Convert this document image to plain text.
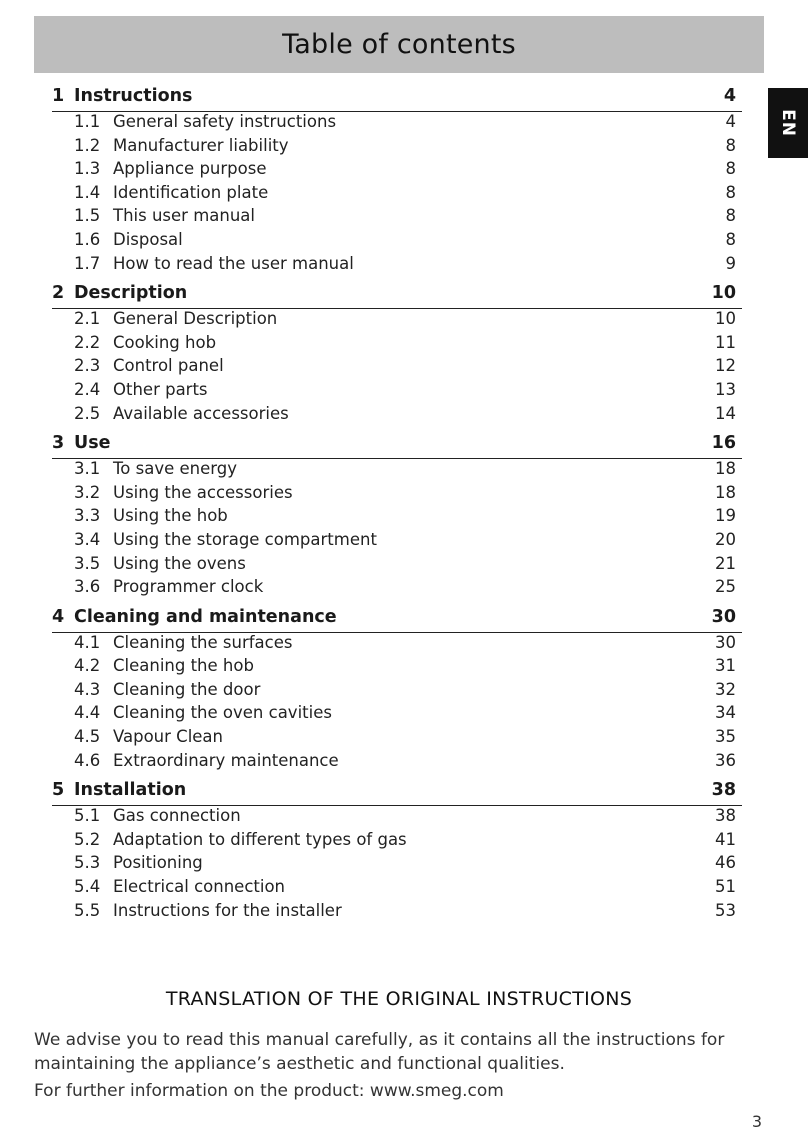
Table of contents
EN
1 Instructions	4
1.1 General safety instructions	4
1.2 Manufacturer liability	8
1.3 Appliance purpose	8
1.4 Identification plate	8
1.5 This user manual	8
1.6 Disposal	8
1.7 How to read the user manual	9
2 Description	10
2.1 General Description	10
2.2 Cooking hob	11
2.3 Control panel	12
2.4 Other parts	13
2.5 Available accessories	14
3 Use	16
3.1 To save energy	18
3.2 Using the accessories	18
3.3 Using the hob	19
3.4 Using the storage compartment	20
3.5 Using the ovens	21
3.6 Programmer clock	25
4 Cleaning and maintenance	30
4.1 Cleaning the surfaces	30
4.2 Cleaning the hob	31
4.3 Cleaning the door	32
4.4 Cleaning the oven cavities	34
4.5 Vapour Clean	35
4.6 Extraordinary maintenance	36
5 Installation	38
5.1 Gas connection	38
5.2 Adaptation to different types of gas	41
5.3 Positioning	46
5.4 Electrical connection	51
5.5 Instructions for the installer	53
TRANSLATION OF THE ORIGINAL INSTRUCTIONS

We advise you to read this manual carefully, as it contains all the instructions for maintaining the appliance’s aesthetic and functional qualities.

For further information on the product: www.smeg.com

3
